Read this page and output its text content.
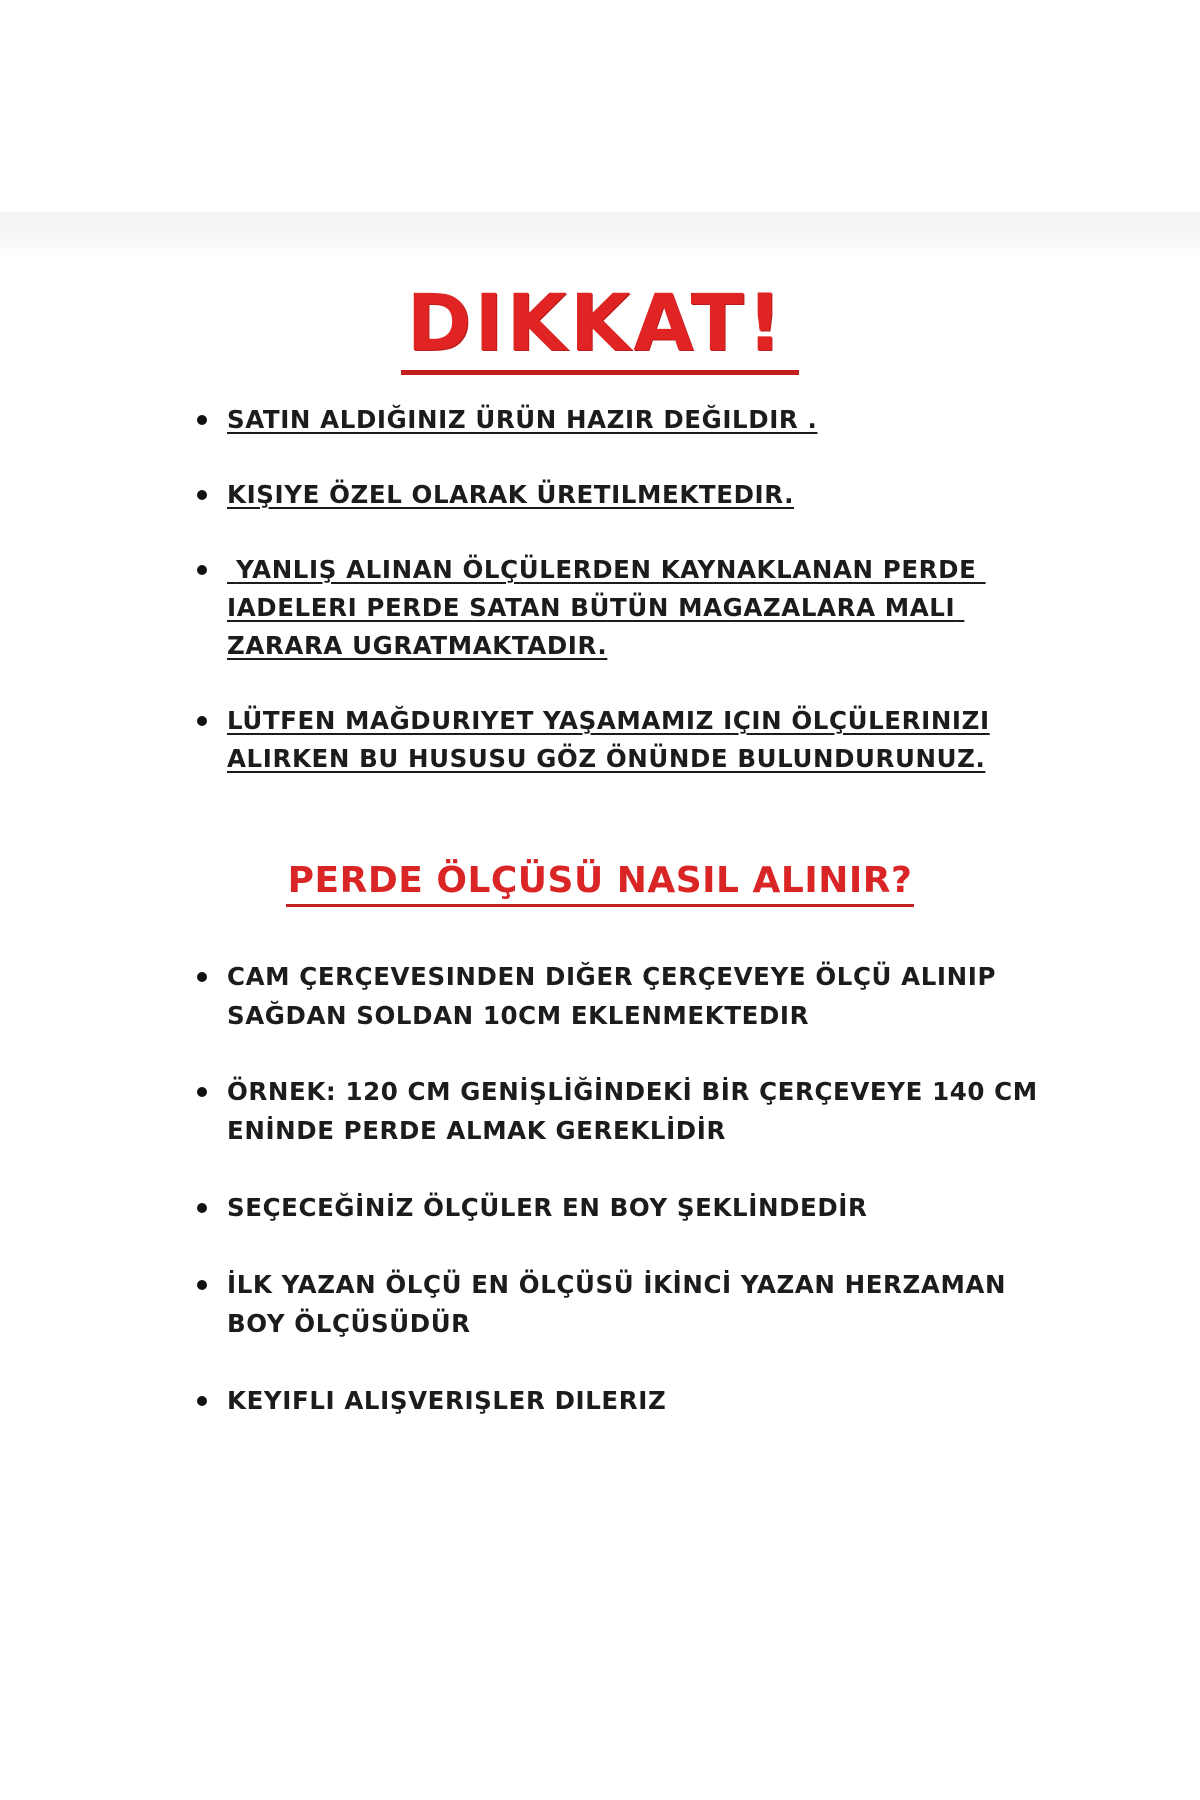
DIKKAT!
SATIN ALDIĞINIZ ÜRÜN HAZIR DEĞILDIR .
KIŞIYE ÖZEL OLARAK ÜRETILMEKTEDIR.
YANLIŞ ALINAN ÖLÇÜLERDEN KAYNAKLANAN PERDE IADELERI PERDE SATAN BÜTÜN MAGAZALARA MALI ZARARA UGRATMAKTADIR.
LÜTFEN MAĞDURIYET YAŞAMAMIZ IÇIN ÖLÇÜLERINIZI ALIRKEN BU HUSUSU GÖZ ÖNÜNDE BULUNDURUNUZ.
PERDE ÖLÇÜSÜ NASIL ALINIR?
CAM ÇERÇEVESINDEN DIĞER ÇERÇEVEYE ÖLÇÜ ALINIP SAĞDAN SOLDAN 10CM EKLENMEKTEDIR
ÖRNEK: 120 CM GENİŞLİĞİNDEKİ BİR ÇERÇEVEYE 140 CM ENİNDE PERDE ALMAK GEREKLİDİR
SEÇECEĞİNİZ ÖLÇÜLER EN BOY ŞEKLİNDEDİR
İLK YAZAN ÖLÇÜ EN ÖLÇÜSÜ İKİNCİ YAZAN HERZAMAN BOY ÖLÇÜSÜDÜR
KEYIFLI ALIŞVERIŞLER DILERIZ
